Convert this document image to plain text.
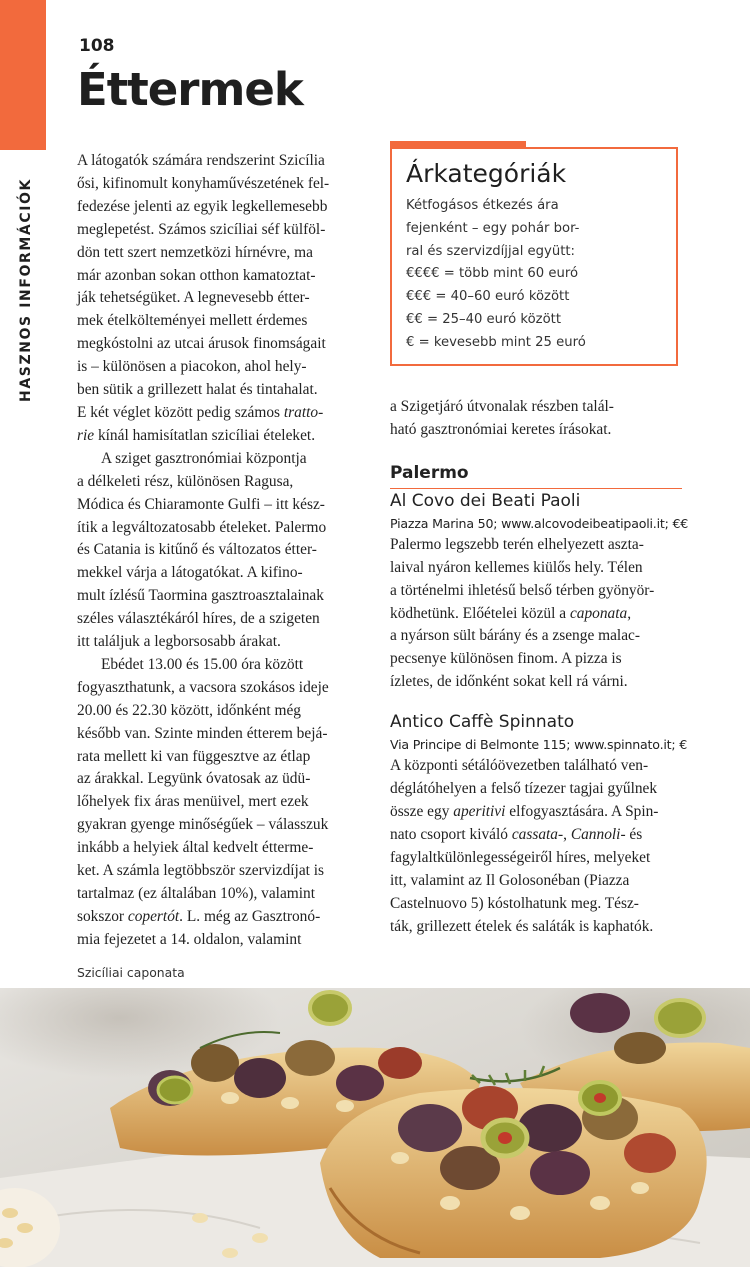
HASZNOS INFORMÁCIÓK
108
Éttermek

A látogatók számára rendszerint Szicília
ősi, kifinomult konyhaművészetének fel-
fedezése jelenti az egyik legkellemesebb
meglepetést. Számos szicíliai séf külföl-
dön tett szert nemzetközi hírnévre, ma
már azonban sokan otthon kamatoztat-
ják tehetségüket. A legnevesebb étter-
mek ételkölteményei mellett érdemes
megkóstolni az utcai árusok finomságait
is – különösen a piacokon, ahol hely-
ben sütik a grillezett halat és tintahalat.
E két véglet között pedig számos tratto-
rie kínál hamisítatlan szicíliai ételeket.

A sziget gasztronómiai központja
a délkeleti rész, különösen Ragusa,
Módica és Chiaramonte Gulfi – itt kész-
ítik a legváltozatosabb ételeket. Palermo
és Catania is kitűnő és változatos étter-
mekkel várja a látogatókat. A kifino-
mult ízlésű Taormina gasztroasztalainak
széles választékáról híres, de a szigeten
itt találjuk a legborsosabb árakat.

Ebédet 13.00 és 15.00 óra között
fogyaszthatunk, a vacsora szokásos ideje
20.00 és 22.30 között, időnként még
később van. Szinte minden étterem bejá-
rata mellett ki van függesztve az étlap
az árakkal. Legyünk óvatosak az üdü-
lőhelyek fix áras menüivel, mert ezek
gyakran gyenge minőségűek – válasszuk
inkább a helyiek által kedvelt étterme-
ket. A számla legtöbbször szervizdíjat is
tartalmaz (ez általában 10%), valamint
sokszor copertót. L. még az Gasztronó-
mia fejezetet a 14. oldalon, valamint

Árkategóriák
Kétfogásos étkezés ára
fejenként – egy pohár bor-
ral és szervizdíjjal együtt:
€€€€ = több mint 60 euró
€€€ = 40–60 euró között
€€ = 25–40 euró között
€ = kevesebb mint 25 euró

a Szigetjáró útvonalak részben talál-
ható gasztronómiai keretes írásokat.

Palermo
Al Covo dei Beati Paoli
Piazza Marina 50; www.alcovodeibeatipaoli.it; €€

Palermo legszebb terén elhelyezett aszta-
laival nyáron kellemes kiülős hely. Télen
a történelmi ihletésű belső térben gyönyör-
ködhetünk. Előételei közül a caponata,
a nyárson sült bárány és a zsenge malac-
pecsenye különösen finom. A pizza is
ízletes, de időnként sokat kell rá várni.

Antico Caffè Spinnato
Via Principe di Belmonte 115; www.spinnato.it; €

A központi sétálóövezetben található ven-
déglátóhelyen a felső tízezer tagjai gyűlnek
össze egy aperitivi elfogyasztására. A Spin-
nato csoport kiváló cassata-, Cannoli- és
fagylaltkülönlegességeiről híres, melyeket
itt, valamint az Il Golosonéban (Piazza
Castelnuovo 5) kóstolhatunk meg. Tész-
ták, grillezett ételek és saláták is kaphatók.

Szicíliai caponata
